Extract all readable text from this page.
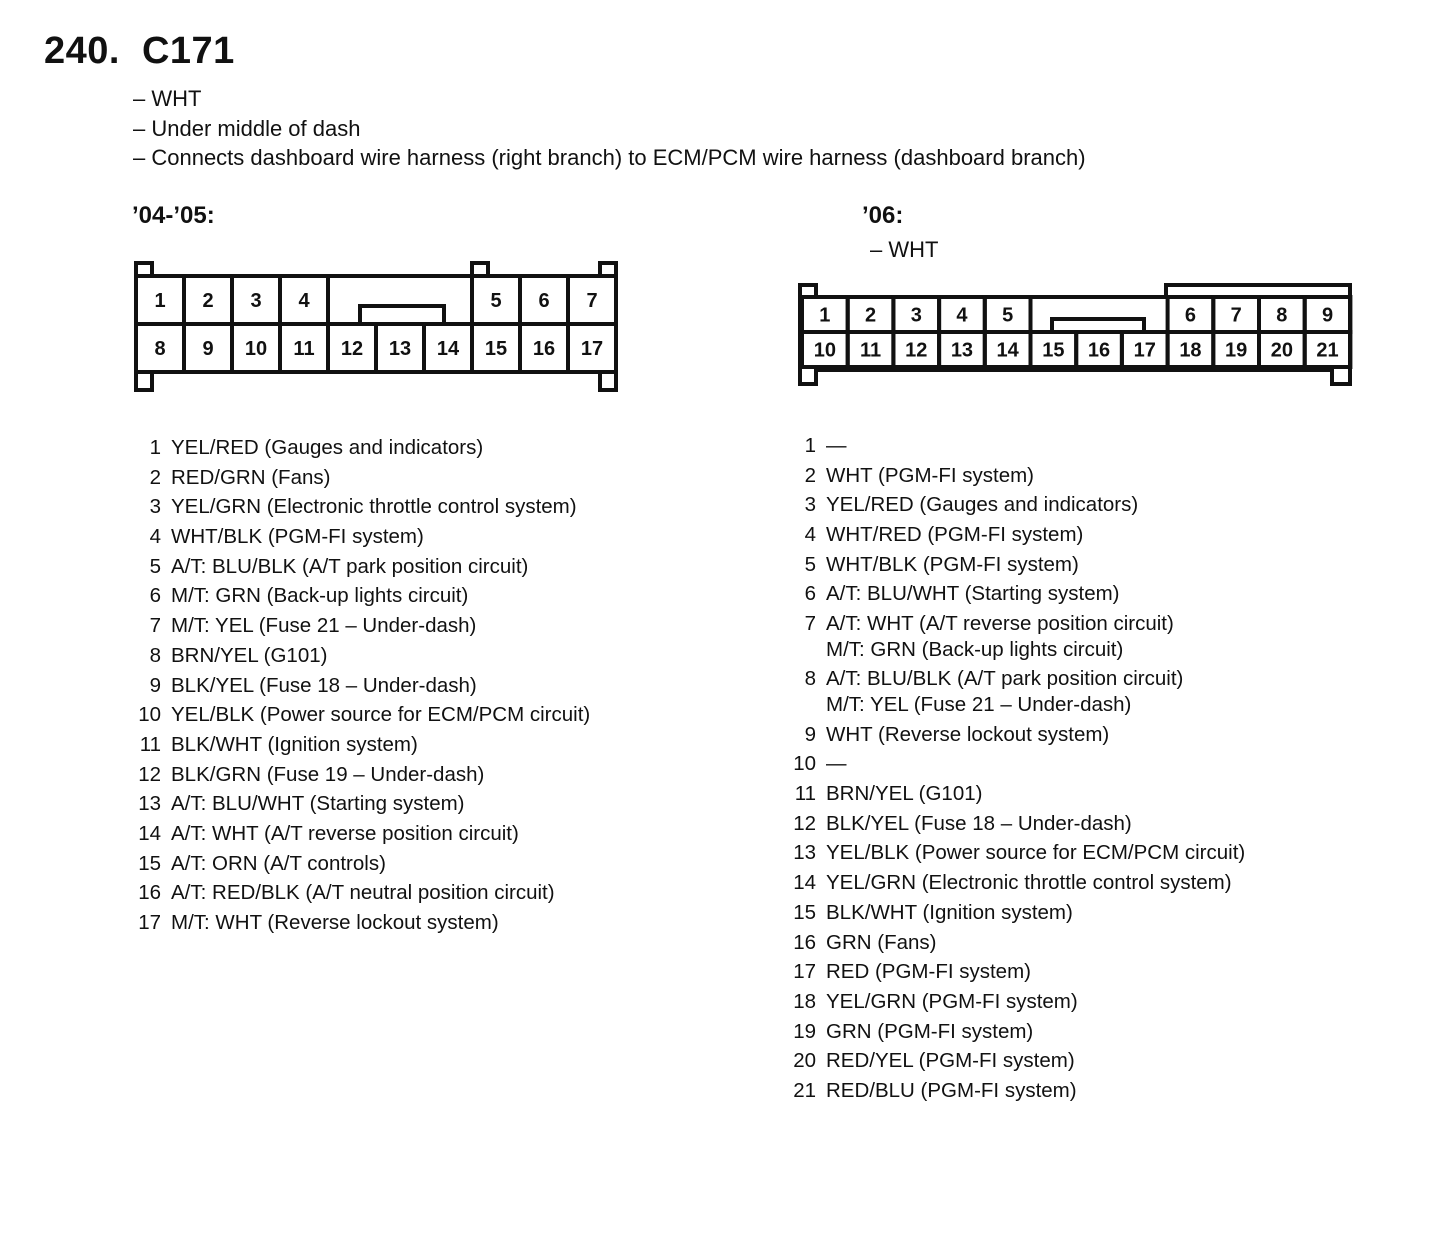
240. C171
– WHT
– Under middle of dash
– Connects dashboard wire harness (right branch) to ECM/PCM wire harness (dashboard branch)
’04-’05:
1 2 3 4	5 6 7
8 9 10 11 12 13 14 15 16 17
’06:
– WHT
1 2 3 4 5	6 7 8 9
10 11 12 13 14 15 16 17 18 19 20 21
1 YEL/RED (Gauges and indicators)
2 RED/GRN (Fans)
3 YEL/GRN (Electronic throttle control system)
4 WHT/BLK (PGM-FI system)
5 A/T: BLU/BLK (A/T park position circuit)
6 M/T: GRN (Back-up lights circuit)
7 M/T: YEL (Fuse 21 – Under-dash)
8 BRN/YEL (G101)
9 BLK/YEL (Fuse 18 – Under-dash)
10 YEL/BLK (Power source for ECM/PCM circuit)
11 BLK/WHT (Ignition system)
12 BLK/GRN (Fuse 19 – Under-dash)
13 A/T: BLU/WHT (Starting system)
14 A/T: WHT (A/T reverse position circuit)
15 A/T: ORN (A/T controls)
16 A/T: RED/BLK (A/T neutral position circuit)
17 M/T: WHT (Reverse lockout system)
1 —
2 WHT (PGM-FI system)
3 YEL/RED (Gauges and indicators)
4 WHT/RED (PGM-FI system)
5 WHT/BLK (PGM-FI system)
6 A/T: BLU/WHT (Starting system)
7 A/T: WHT (A/T reverse position circuit)
M/T: GRN (Back-up lights circuit)
8 A/T: BLU/BLK (A/T park position circuit)
M/T: YEL (Fuse 21 – Under-dash)
9 WHT (Reverse lockout system)
10 —
11 BRN/YEL (G101)
12 BLK/YEL (Fuse 18 – Under-dash)
13 YEL/BLK (Power source for ECM/PCM circuit)
14 YEL/GRN (Electronic throttle control system)
15 BLK/WHT (Ignition system)
16 GRN (Fans)
17 RED (PGM-FI system)
18 YEL/GRN (PGM-FI system)
19 GRN (PGM-FI system)
20 RED/YEL (PGM-FI system)
21 RED/BLU (PGM-FI system)
